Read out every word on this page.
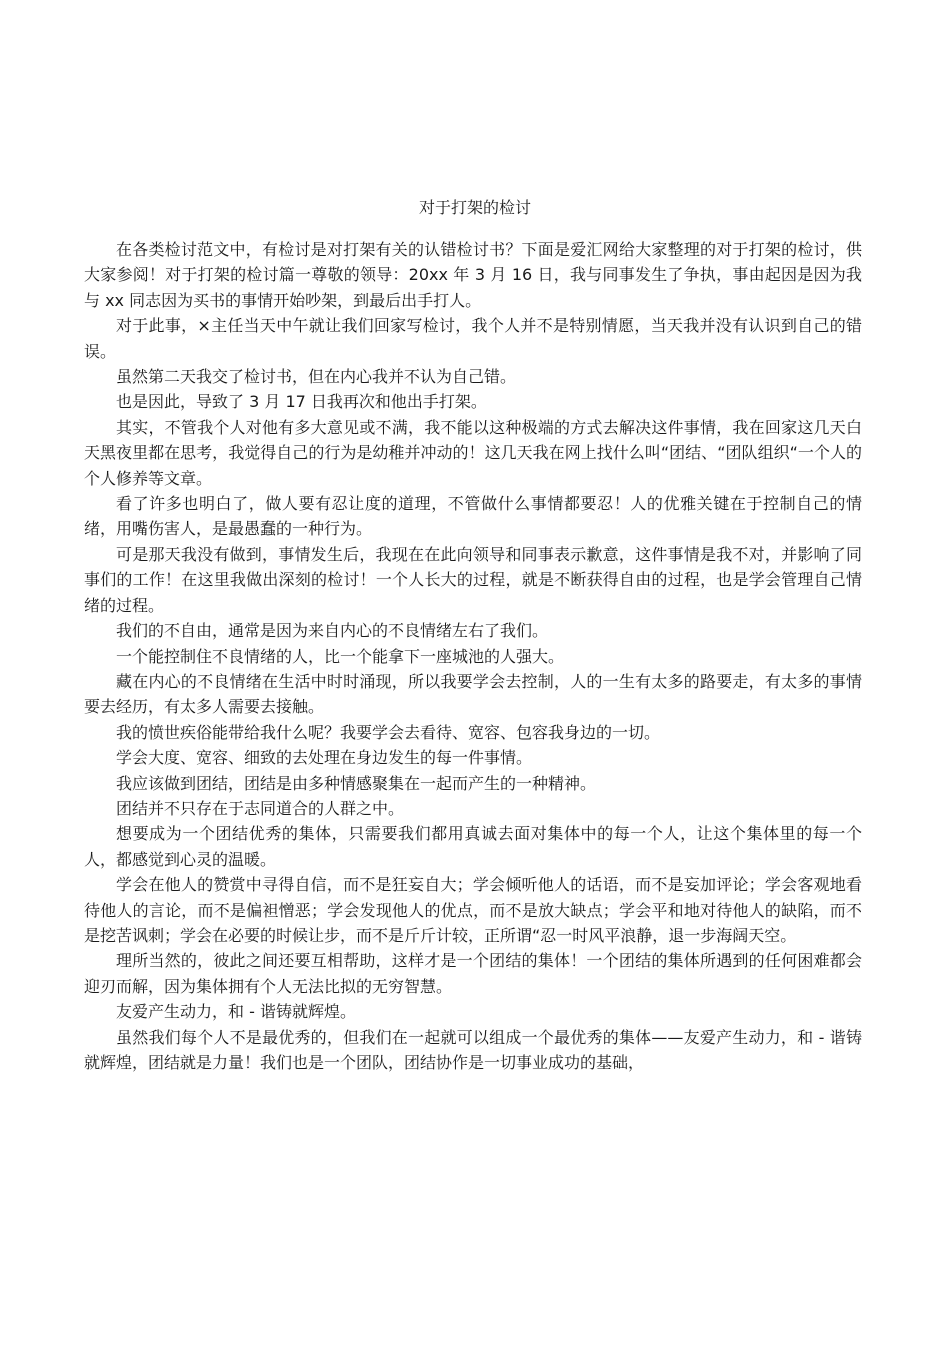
对于打架的检讨

在各类检讨范文中，有检讨是对打架有关的认错检讨书？下面是爱汇网给大家整理的对于打架的检讨，供大家参阅！对于打架的检讨篇一尊敬的领导：20xx 年 3 月 16 日，我与同事发生了争执，事由起因是因为我与 xx 同志因为买书的事情开始吵架，到最后出手打人。

对于此事，×主任当天中午就让我们回家写检讨，我个人并不是特别情愿，当天我并没有认识到自己的错误。

虽然第二天我交了检讨书，但在内心我并不认为自己错。

也是因此，导致了 3 月 17 日我再次和他出手打架。

其实，不管我个人对他有多大意见或不满，我不能以这种极端的方式去解决这件事情，我在回家这几天白天黑夜里都在思考，我觉得自己的行为是幼稚并冲动的！这几天我在网上找什么叫“团结、“团队组织“一个人的个人修养等文章。

看了许多也明白了，做人要有忍让度的道理，不管做什么事情都要忍！人的优雅关键在于控制自己的情绪，用嘴伤害人，是最愚蠢的一种行为。

可是那天我没有做到，事情发生后，我现在在此向领导和同事表示歉意，这件事情是我不对，并影响了同事们的工作！在这里我做出深刻的检讨！一个人长大的过程，就是不断获得自由的过程，也是学会管理自己情绪的过程。

我们的不自由，通常是因为来自内心的不良情绪左右了我们。

一个能控制住不良情绪的人，比一个能拿下一座城池的人强大。

藏在内心的不良情绪在生活中时时涌现，所以我要学会去控制，人的一生有太多的路要走，有太多的事情要去经历，有太多人需要去接触。

我的愤世疾俗能带给我什么呢？我要学会去看待、宽容、包容我身边的一切。

学会大度、宽容、细致的去处理在身边发生的每一件事情。

我应该做到团结，团结是由多种情感聚集在一起而产生的一种精神。

团结并不只存在于志同道合的人群之中。

想要成为一个团结优秀的集体，只需要我们都用真诚去面对集体中的每一个人，让这个集体里的每一个人，都感觉到心灵的温暖。

学会在他人的赞赏中寻得自信，而不是狂妄自大；学会倾听他人的话语，而不是妄加评论；学会客观地看待他人的言论，而不是偏袒憎恶；学会发现他人的优点，而不是放大缺点；学会平和地对待他人的缺陷，而不是挖苦讽刺；学会在必要的时候让步，而不是斤斤计较，正所谓“忍一时风平浪静，退一步海阔天空。

理所当然的，彼此之间还要互相帮助，这样才是一个团结的集体！一个团结的集体所遇到的任何困难都会迎刃而解，因为集体拥有个人无法比拟的无穷智慧。

友爱产生动力，和 - 谐铸就辉煌。

虽然我们每个人不是最优秀的，但我们在一起就可以组成一个最优秀的集体——友爱产生动力，和 - 谐铸就辉煌，团结就是力量！我们也是一个团队，团结协作是一切事业成功的基础，
